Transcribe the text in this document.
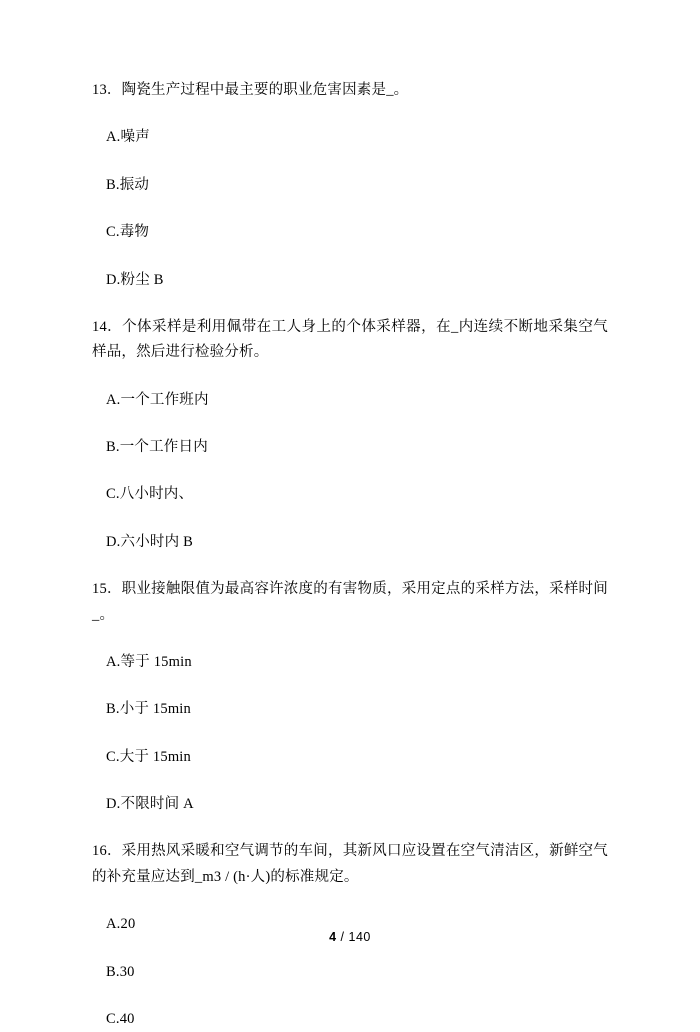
13．陶瓷生产过程中最主要的职业危害因素是_。

A.噪声

B.振动

C.毒物

D.粉尘 B

14．个体采样是利用佩带在工人身上的个体采样器，在_内连续不断地采集空气样品，然后进行检验分析。

A.一个工作班内

B.一个工作日内

C.八小时内、

D.六小时内 B

15．职业接触限值为最高容许浓度的有害物质，采用定点的采样方法，采样时间_。

A.等于 15min

B.小于 15min

C.大于 15min

D.不限时间 A

16．采用热风采暖和空气调节的车间，其新风口应设置在空气清洁区，新鲜空气的补充量应达到_m3 / (h·人)的标准规定。

A.20

B.30

C.40

4 / 140
